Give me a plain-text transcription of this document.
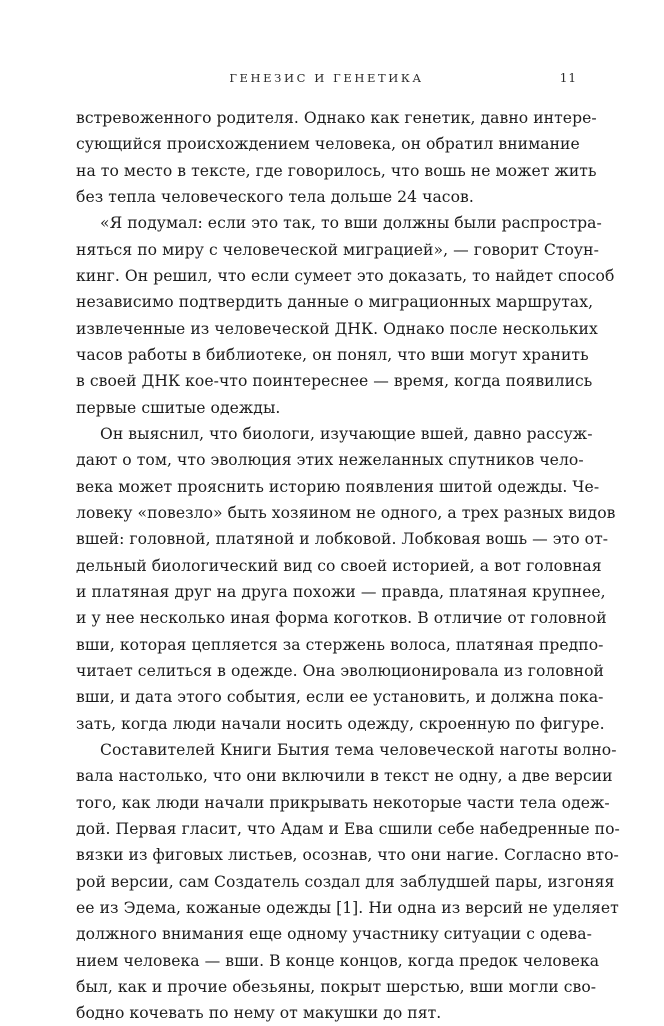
ГЕНЕЗИС И ГЕНЕТИКА	11
встревоженного родителя. Однако как генетик, давно интере-
сующийся происхождением человека, он обратил внимание
на то место в тексте, где говорилось, что вошь не может жить
без тепла человеческого тела дольше 24 часов.
«Я подумал: если это так, то вши должны были распростра-
няться по миру с человеческой миграцией», — говорит Стоун-
кинг. Он решил, что если сумеет это доказать, то найдет способ
независимо подтвердить данные о миграционных маршрутах,
извлеченные из человеческой ДНК. Однако после нескольких
часов работы в библиотеке, он понял, что вши могут хранить
в своей ДНК кое-что поинтереснее — время, когда появились
первые сшитые одежды.
Он выяснил, что биологи, изучающие вшей, давно рассуж-
дают о том, что эволюция этих нежеланных спутников чело-
века может прояснить историю появления шитой одежды. Че-
ловеку «повезло» быть хозяином не одного, а трех разных видов
вшей: головной, платяной и лобковой. Лобковая вошь — это от-
дельный биологический вид со своей историей, а вот головная
и платяная друг на друга похожи — правда, платяная крупнее,
и у нее несколько иная форма коготков. В отличие от головной
вши, которая цепляется за стержень волоса, платяная предпо-
читает селиться в одежде. Она эволюционировала из головной
вши, и дата этого события, если ее установить, и должна пока-
зать, когда люди начали носить одежду, скроенную по фигуре.
Составителей Книги Бытия тема человеческой наготы волно-
вала настолько, что они включили в текст не одну, а две версии
того, как люди начали прикрывать некоторые части тела одеж-
дой. Первая гласит, что Адам и Ева сшили себе набедренные по-
вязки из фиговых листьев, осознав, что они нагие. Согласно вто-
рой версии, сам Создатель создал для заблудшей пары, изгоняя
ее из Эдема, кожаные одежды [1]. Ни одна из версий не уделяет
должного внимания еще одному участнику ситуации с одева-
нием человека — вши. В конце концов, когда предок человека
был, как и прочие обезьяны, покрыт шерстью, вши могли сво-
бодно кочевать по нему от макушки до пят.
